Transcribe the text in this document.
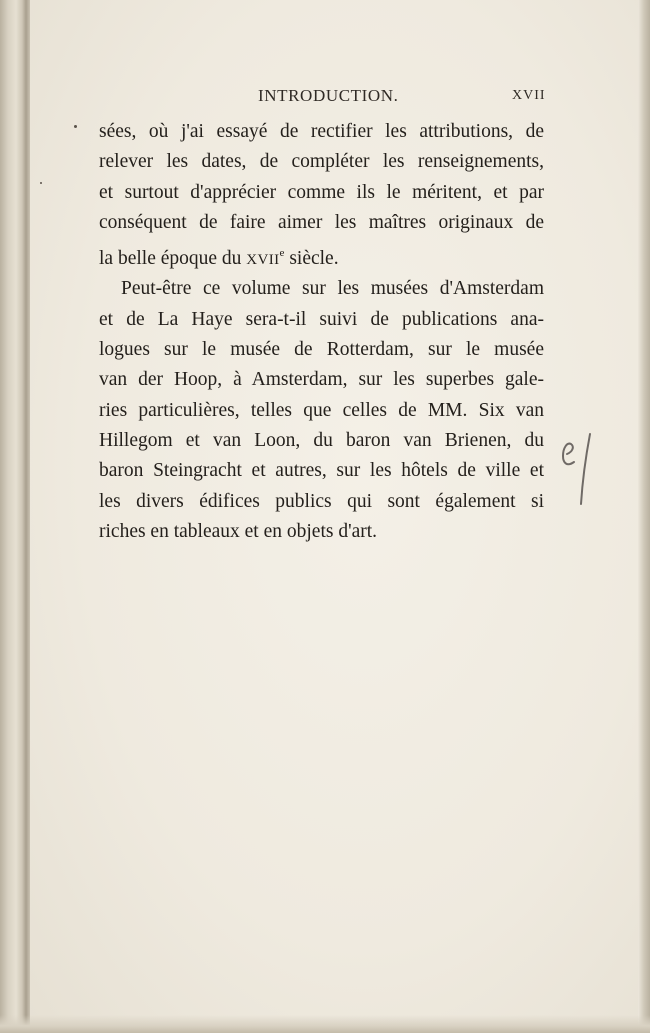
INTRODUCTION.	XVII
sées, où j'ai essayé de rectifier les attributions, de
relever les dates, de compléter les renseignements,
et surtout d'apprécier comme ils le méritent, et par
conséquent de faire aimer les maîtres originaux de
la belle époque du XVIIe siècle.
Peut-être ce volume sur les musées d'Amsterdam
et de La Haye sera-t-il suivi de publications ana-
logues sur le musée de Rotterdam, sur le musée
van der Hoop, à Amsterdam, sur les superbes gale-
ries particulières, telles que celles de MM. Six van
Hillegom et van Loon, du baron van Brienen, du
baron Steingracht et autres, sur les hôtels de ville et
les divers édifices publics qui sont également si
riches en tableaux et en objets d'art.
